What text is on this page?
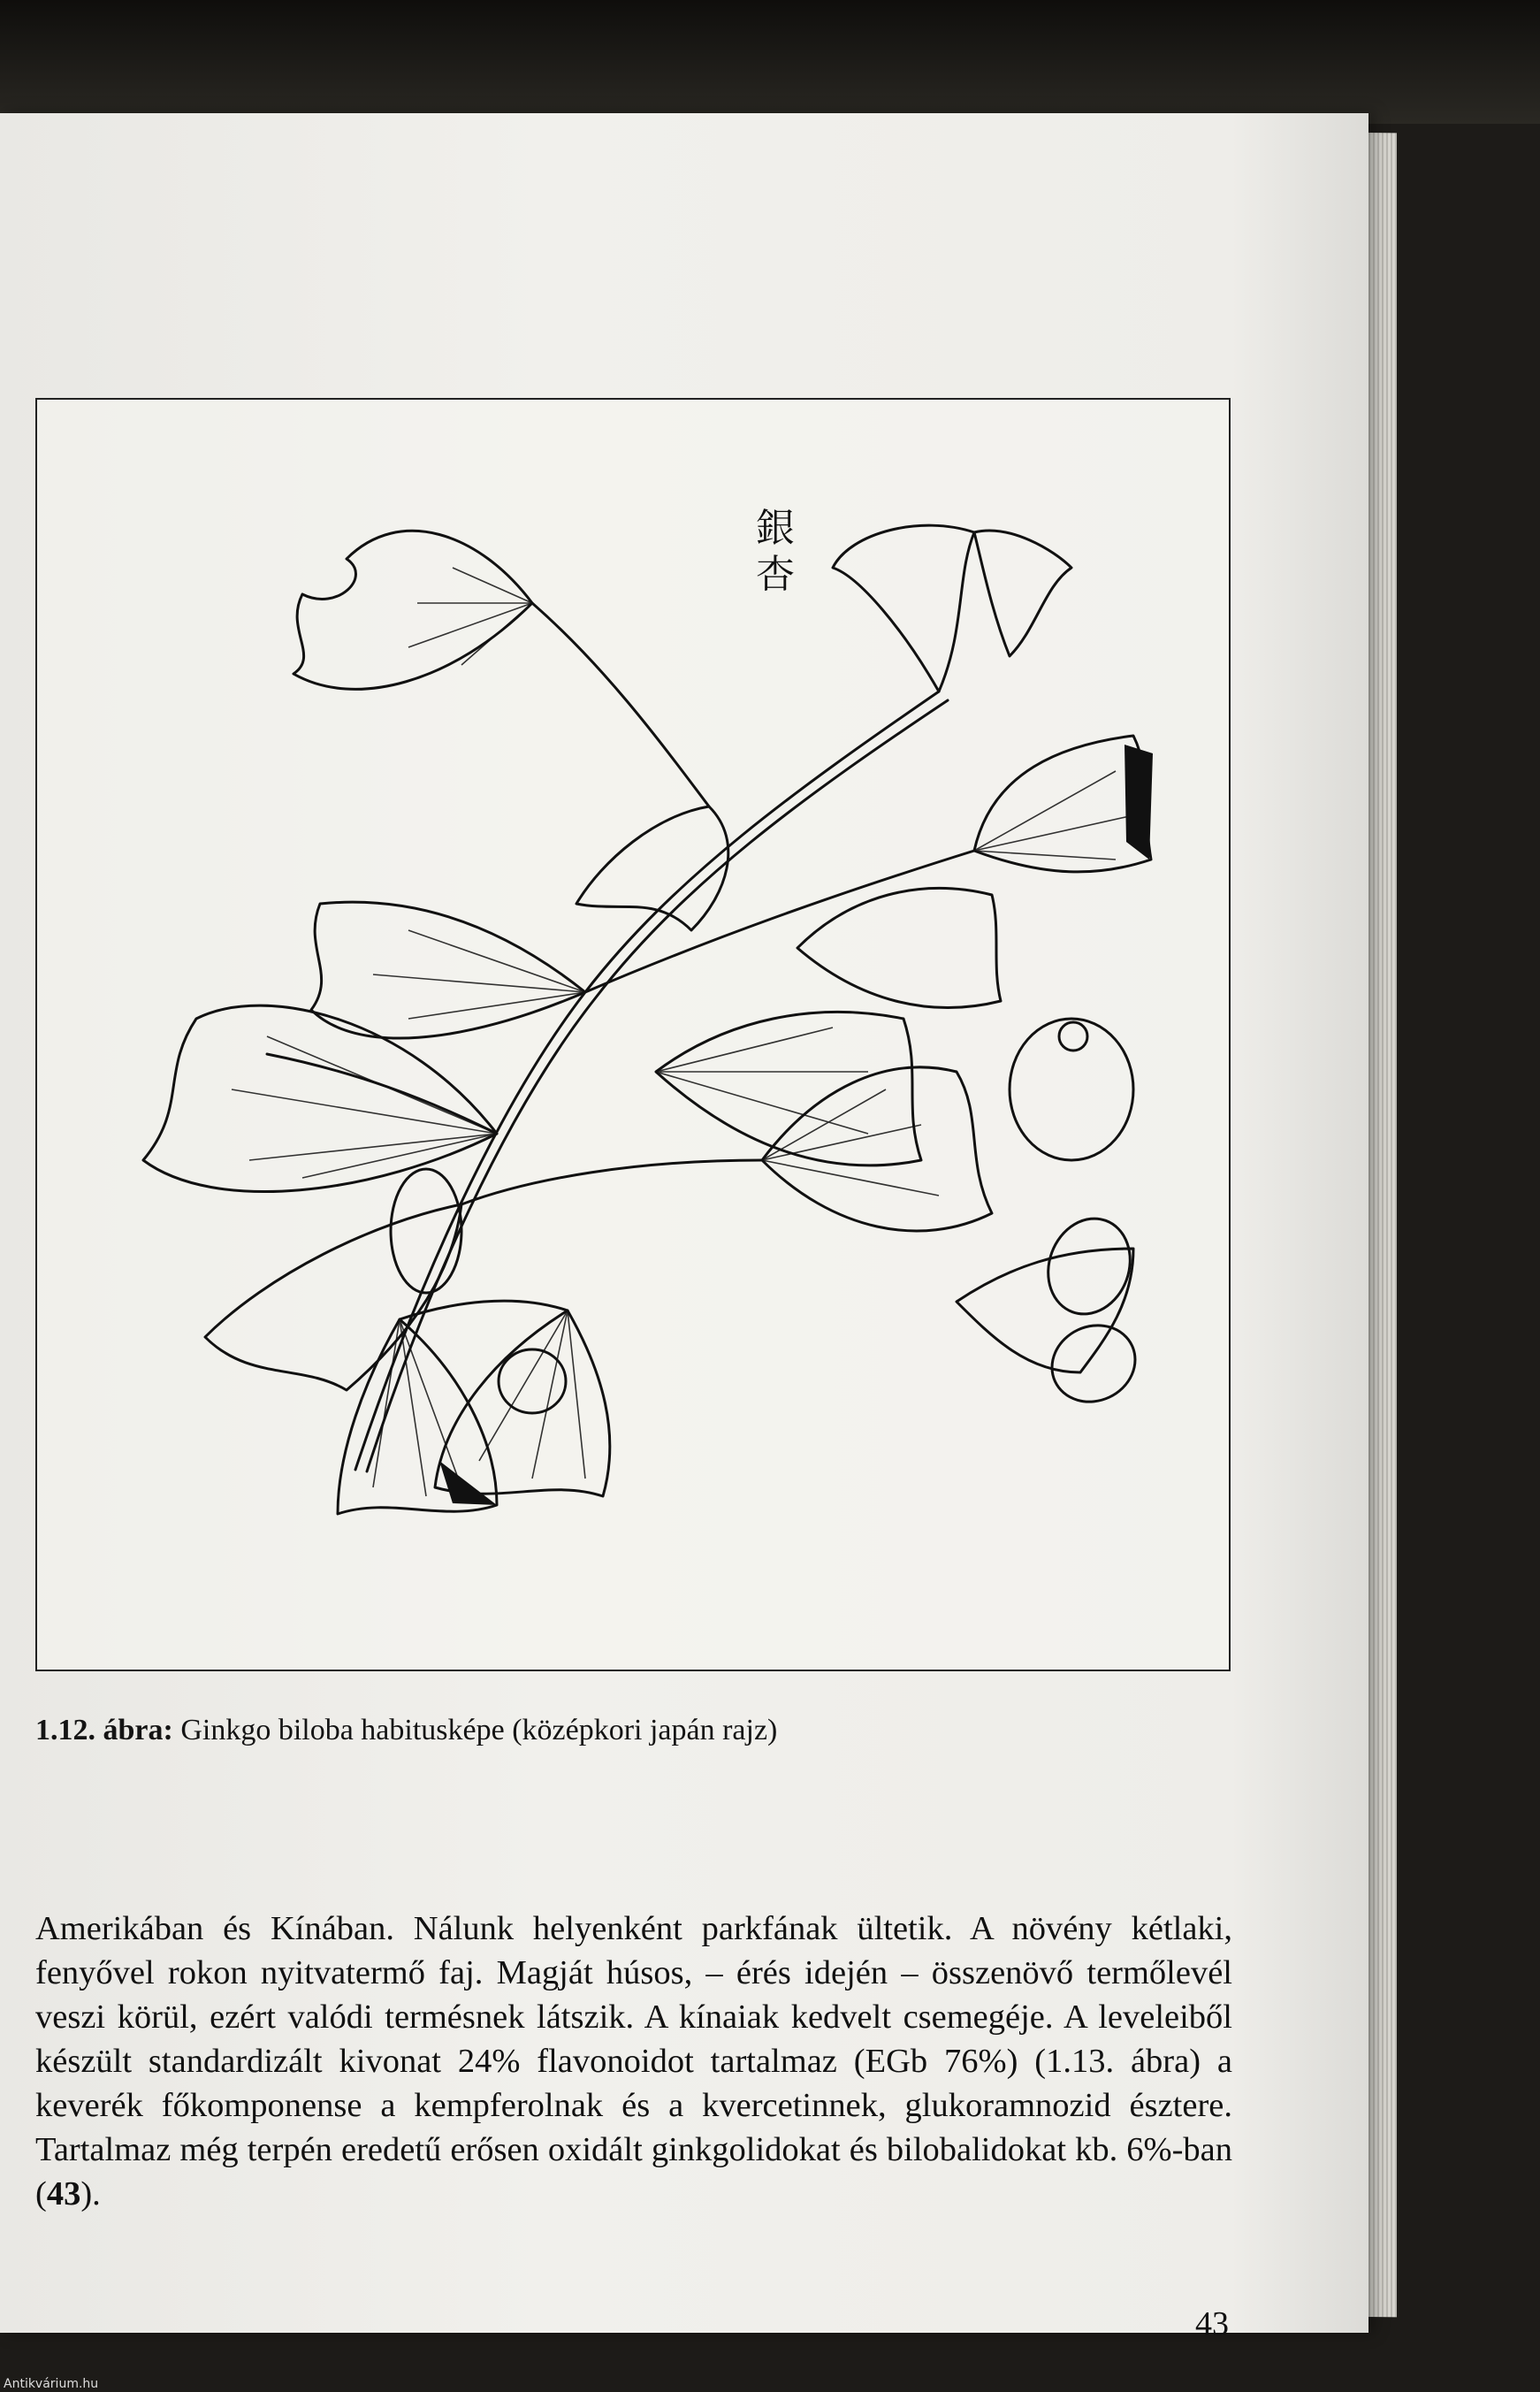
銀杏
1.12. ábra: Ginkgo biloba habitusképe (középkori japán rajz)

Amerikában és Kínában. Nálunk helyenként parkfának ültetik. A növény kétlaki, fenyővel rokon nyitvatermő faj. Magját húsos, – érés idején – összenövő termőlevél veszi körül, ezért valódi termésnek látszik. A kínaiak kedvelt csemegéje. A leveleiből készült standardizált kivonat 24% flavonoidot tartalmaz (EGb 76%) (1.13. ábra) a keverék főkomponense a kempferolnak és a kvercetinnek, glukoramnozid észtere. Tartalmaz még terpén eredetű erősen oxidált ginkgolidokat és bilobalidokat kb. 6%-ban (43).

43
Antikvárium.hu
